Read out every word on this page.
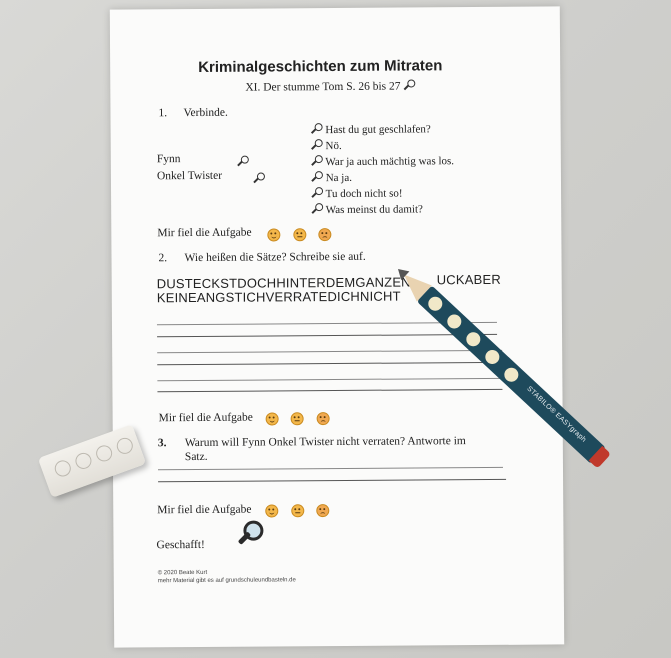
Kriminalgeschichten zum Mitraten
XI. Der stumme Tom S. 26 bis 27
1. Verbinde.
Fynn

Onkel Twister
Hast du gut geschlafen?
Nö.
War ja auch mächtig was los.
Na ja.
Tu doch nicht so!
Was meinst du damit?
Mir fiel die Aufgabe
2. Wie heißen die Sätze? Schreibe sie auf.
DUSTECKSTDOCHHINTERDEMGANZEN UCKABER
KEINEANGSTICHVERRATEDICHNICHT
Mir fiel die Aufgabe
3. Warum will Fynn Onkel Twister nicht verraten? Antworte im
Satz.
Mir fiel die Aufgabe
Geschafft!
© 2020 Beate Kurt
mehr Material gibt es auf grundschuleundbasteln.de
STABILO® EASYgraph
